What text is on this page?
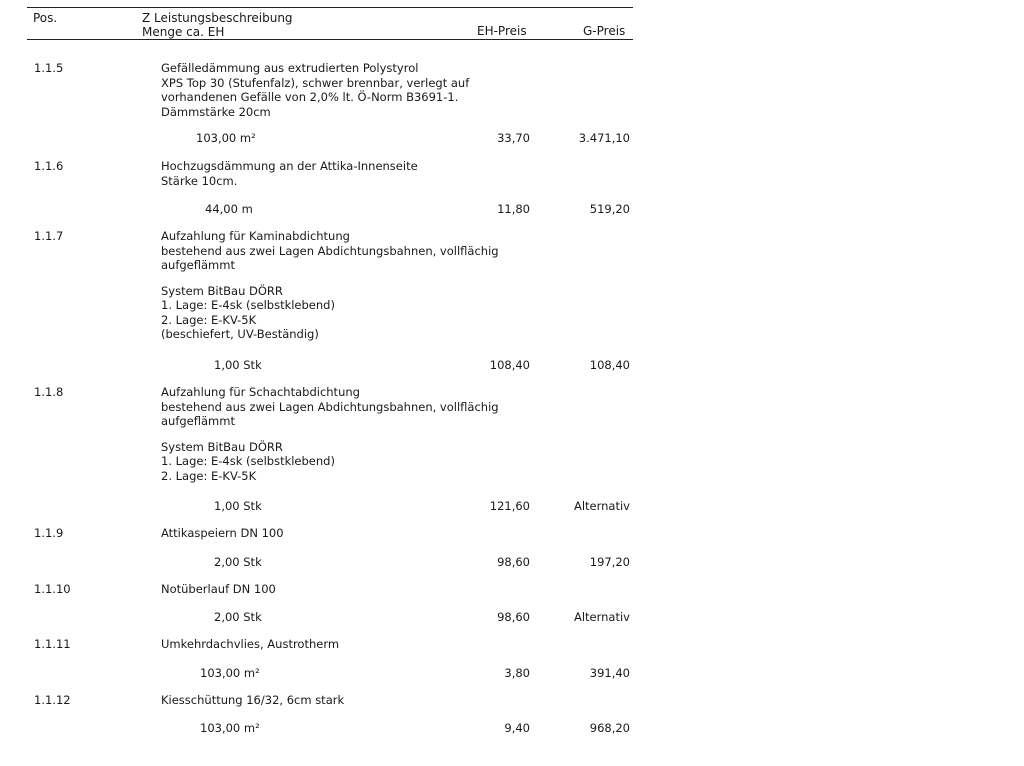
Pos.	Z Leistungsbeschreibung
Menge ca. EH	EH-Preis	G-Preis
1.1.5	Gefälledämmung aus extrudierten Polystyrol
XPS Top 30 (Stufenfalz), schwer brennbar, verlegt auf
vorhandenen Gefälle von 2,0% lt. Ö-Norm B3691-1.
Dämmstärke 20cm
103,00 m²	33,70	3.471,10
1.1.6	Hochzugsdämmung an der Attika-Innenseite
Stärke 10cm.
44,00 m	11,80	519,20
1.1.7	Aufzahlung für Kaminabdichtung
bestehend aus zwei Lagen Abdichtungsbahnen, vollflächig
aufgeflämmt
System BitBau DÖRR
1. Lage: E-4sk (selbstklebend)
2. Lage: E-KV-5K
(beschiefert, UV-Beständig)
1,00 Stk	108,40	108,40
1.1.8	Aufzahlung für Schachtabdichtung
bestehend aus zwei Lagen Abdichtungsbahnen, vollflächig
aufgeflämmt
System BitBau DÖRR
1. Lage: E-4sk (selbstklebend)
2. Lage: E-KV-5K
1,00 Stk	121,60	Alternativ
1.1.9	Attikaspeiern DN 100
2,00 Stk	98,60	197,20
1.1.10	Notüberlauf DN 100
2,00 Stk	98,60	Alternativ
1.1.11	Umkehrdachvlies, Austrotherm
103,00 m²	3,80	391,40
1.1.12	Kiesschüttung 16/32, 6cm stark
103,00 m²	9,40	968,20
